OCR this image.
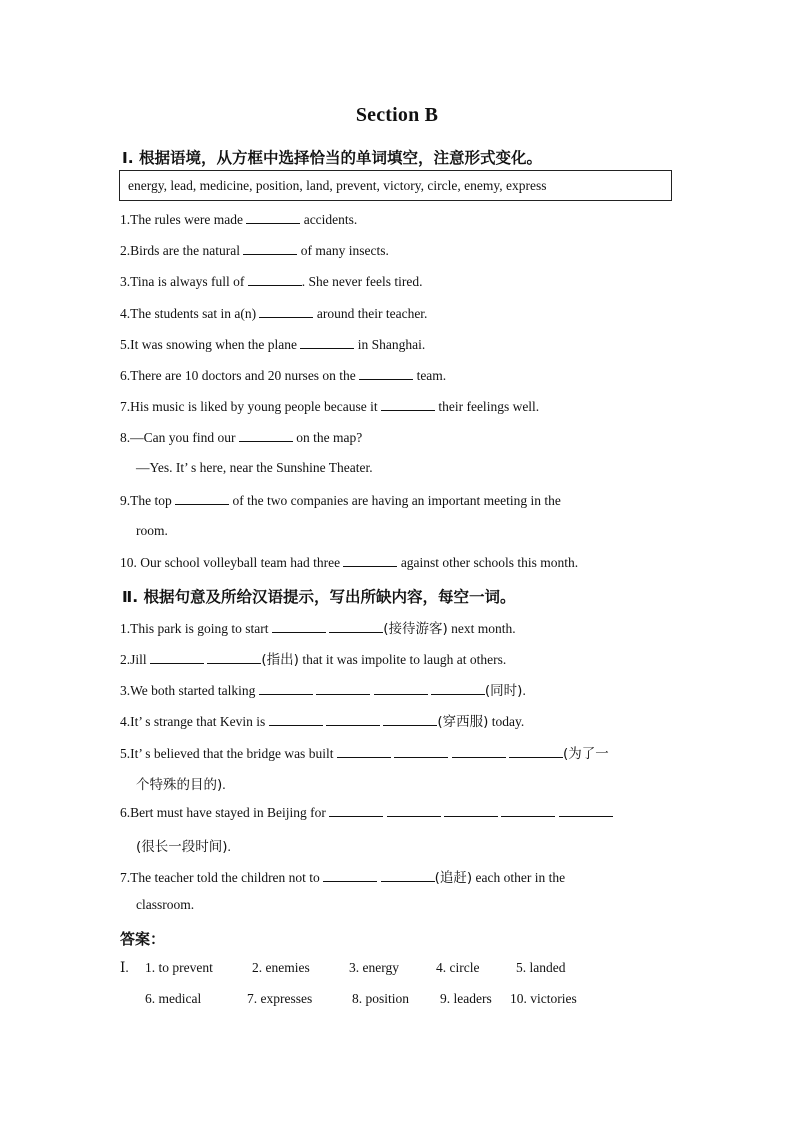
Section B
Ⅰ. 根据语境，从方框中选择恰当的单词填空，注意形式变化。
energy, lead, medicine, position, land, prevent, victory, circle, enemy, express
1.The rules were made	accidents.
2.Birds are the natural	of many insects.
3.Tina is always full of	. She never feels tired.
4.The students sat in a(n)	around their teacher.
5.It was snowing when the plane	in Shanghai.
6.There are 10 doctors and 20 nurses on the	team.
7.His music is liked by young people because it	their feelings well.
8.—Can you find our	on the map?
—Yes. It’ s here, near the Sunshine Theater.
9.The top	of the two companies are having an important meeting in the
room.
10. Our school volleyball team had three	against other schools this month.
Ⅱ. 根据句意及所给汉语提示，写出所缺内容，每空一词。
1.This park is going to start	(接待游客) next month.
2.Jill	(指出) that it was impolite to laugh at others.
3.We both started talking	(同时).
4.It’ s strange that Kevin is	(穿西服) today.
5.It’ s believed that the bridge was built	(为了一
个特殊的目的).
6.Bert must have stayed in Beijing for
(很长一段时间).
7.The teacher told the children not to	(追赶) each other in the
classroom.
答案：
Ⅰ. 1. to prevent	2. enemies	3. energy	4. circle	5. landed
6. medical	7. expresses	8. position 9. leaders 10. victories
